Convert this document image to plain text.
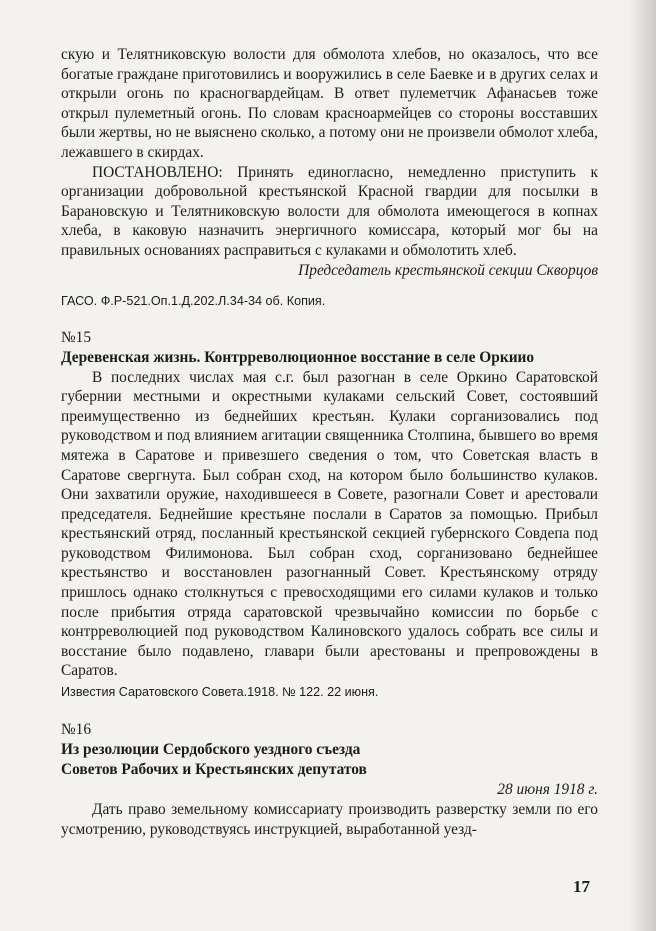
скую и Телятниковскую волости для обмолота хлебов, но оказалось, что все богатые граждане приготовились и вооружились в селе Баевке и в других селах и открыли огонь по красногвардейцам. В ответ пулеметчик Афанасьев тоже открыл пулеметный огонь. По словам красноармейцев со стороны восставших были жертвы, но не выяснено сколько, а потому они не произвели обмолот хлеба, лежавшего в скирдах.

ПОСТАНОВЛЕНО: Принять единогласно, немедленно приступить к организации добровольной крестьянской Красной гвардии для посылки в Барановскую и Телятниковскую волости для обмолота имеющегося в копнах хлеба, в каковую назначить энергичного комиссара, который мог бы на правильных основаниях расправиться с кулаками и обмолотить хлеб.

Председатель крестьянской секции Скворцов

ГАСО. Ф.Р-521.Оп.1.Д.202.Л.34-34 об. Копия.

№15

Деревенская жизнь. Контрреволюционное восстание в селе Оркиио

В последних числах мая с.г. был разогнан в селе Оркино Саратовской губернии местными и окрестными кулаками сельский Совет, состоявший преимущественно из беднейших крестьян. Кулаки сорганизовались под руководством и под влиянием агитации священника Столпина, бывшего во время мятежа в Саратове и привезшего сведения о том, что Советская власть в Саратове свергнута. Был собран сход, на котором было большинство кулаков. Они захватили оружие, находившееся в Совете, разогнали Совет и арестовали председателя. Беднейшие крестьяне послали в Саратов за помощью. Прибыл крестьянский отряд, посланный крестьянской секцией губернского Совдепа под руководством Филимонова. Был собран сход, сорганизовано беднейшее крестьянство и восстановлен разогнанный Совет. Крестьянскому отряду пришлось однако столкнуться с превосходящими его силами кулаков и только после прибытия отряда саратовской чрезвычайно комиссии по борьбе с контрреволюцией под руководством Калиновского удалось собрать все силы и восстание было подавлено, главари были арестованы и препровождены в Саратов.

Известия Саратовского Совета.1918. № 122. 22 июня.

№16

Из резолюции Сердобского уездного съезда

Советов Рабочих и Крестьянских депутатов

28 июня 1918 г.

Дать право земельному комиссариату производить разверстку земли по его усмотрению, руководствуясь инструкцией, выработанной уезд-

17
